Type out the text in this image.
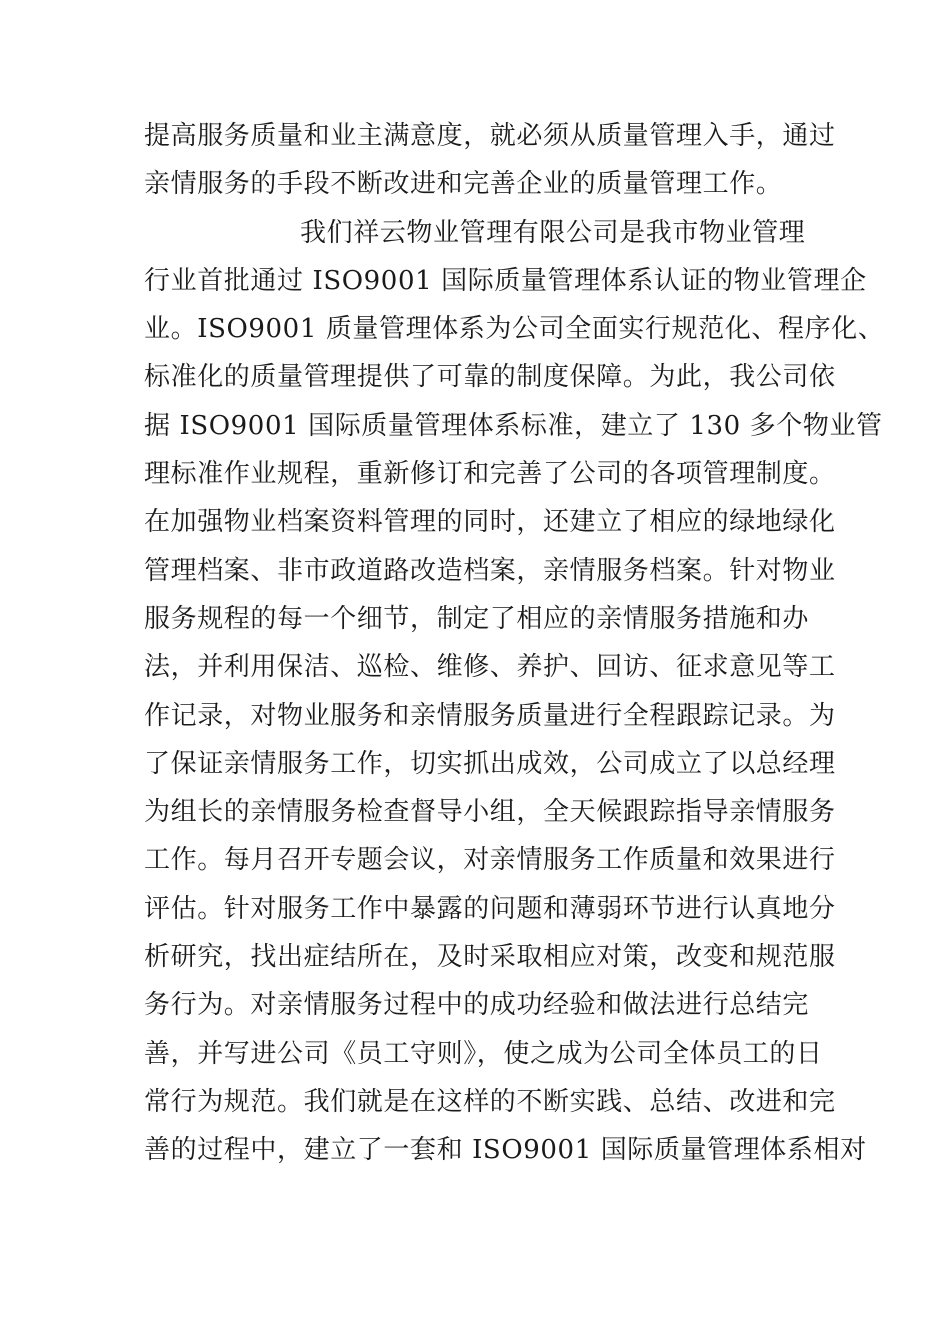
提高服务质量和业主满意度，就必须从质量管理入手，通过
亲情服务的手段不断改进和完善企业的质量管理工作。
我们祥云物业管理有限公司是我市物业管理
行业首批通过 ISO9001 国际质量管理体系认证的物业管理企
业。ISO9001 质量管理体系为公司全面实行规范化、程序化、
标准化的质量管理提供了可靠的制度保障。为此，我公司依
据 ISO9001 国际质量管理体系标准，建立了 130 多个物业管
理标准作业规程，重新修订和完善了公司的各项管理制度。
在加强物业档案资料管理的同时，还建立了相应的绿地绿化
管理档案、非市政道路改造档案，亲情服务档案。针对物业
服务规程的每一个细节，制定了相应的亲情服务措施和办
法，并利用保洁、巡检、维修、养护、回访、征求意见等工
作记录，对物业服务和亲情服务质量进行全程跟踪记录。为
了保证亲情服务工作，切实抓出成效，公司成立了以总经理
为组长的亲情服务检查督导小组，全天候跟踪指导亲情服务
工作。每月召开专题会议，对亲情服务工作质量和效果进行
评估。针对服务工作中暴露的问题和薄弱环节进行认真地分
析研究，找出症结所在，及时采取相应对策，改变和规范服
务行为。对亲情服务过程中的成功经验和做法进行总结完
善，并写进公司《员工守则》，使之成为公司全体员工的日
常行为规范。我们就是在这样的不断实践、总结、改进和完
善的过程中，建立了一套和 ISO9001 国际质量管理体系相对
